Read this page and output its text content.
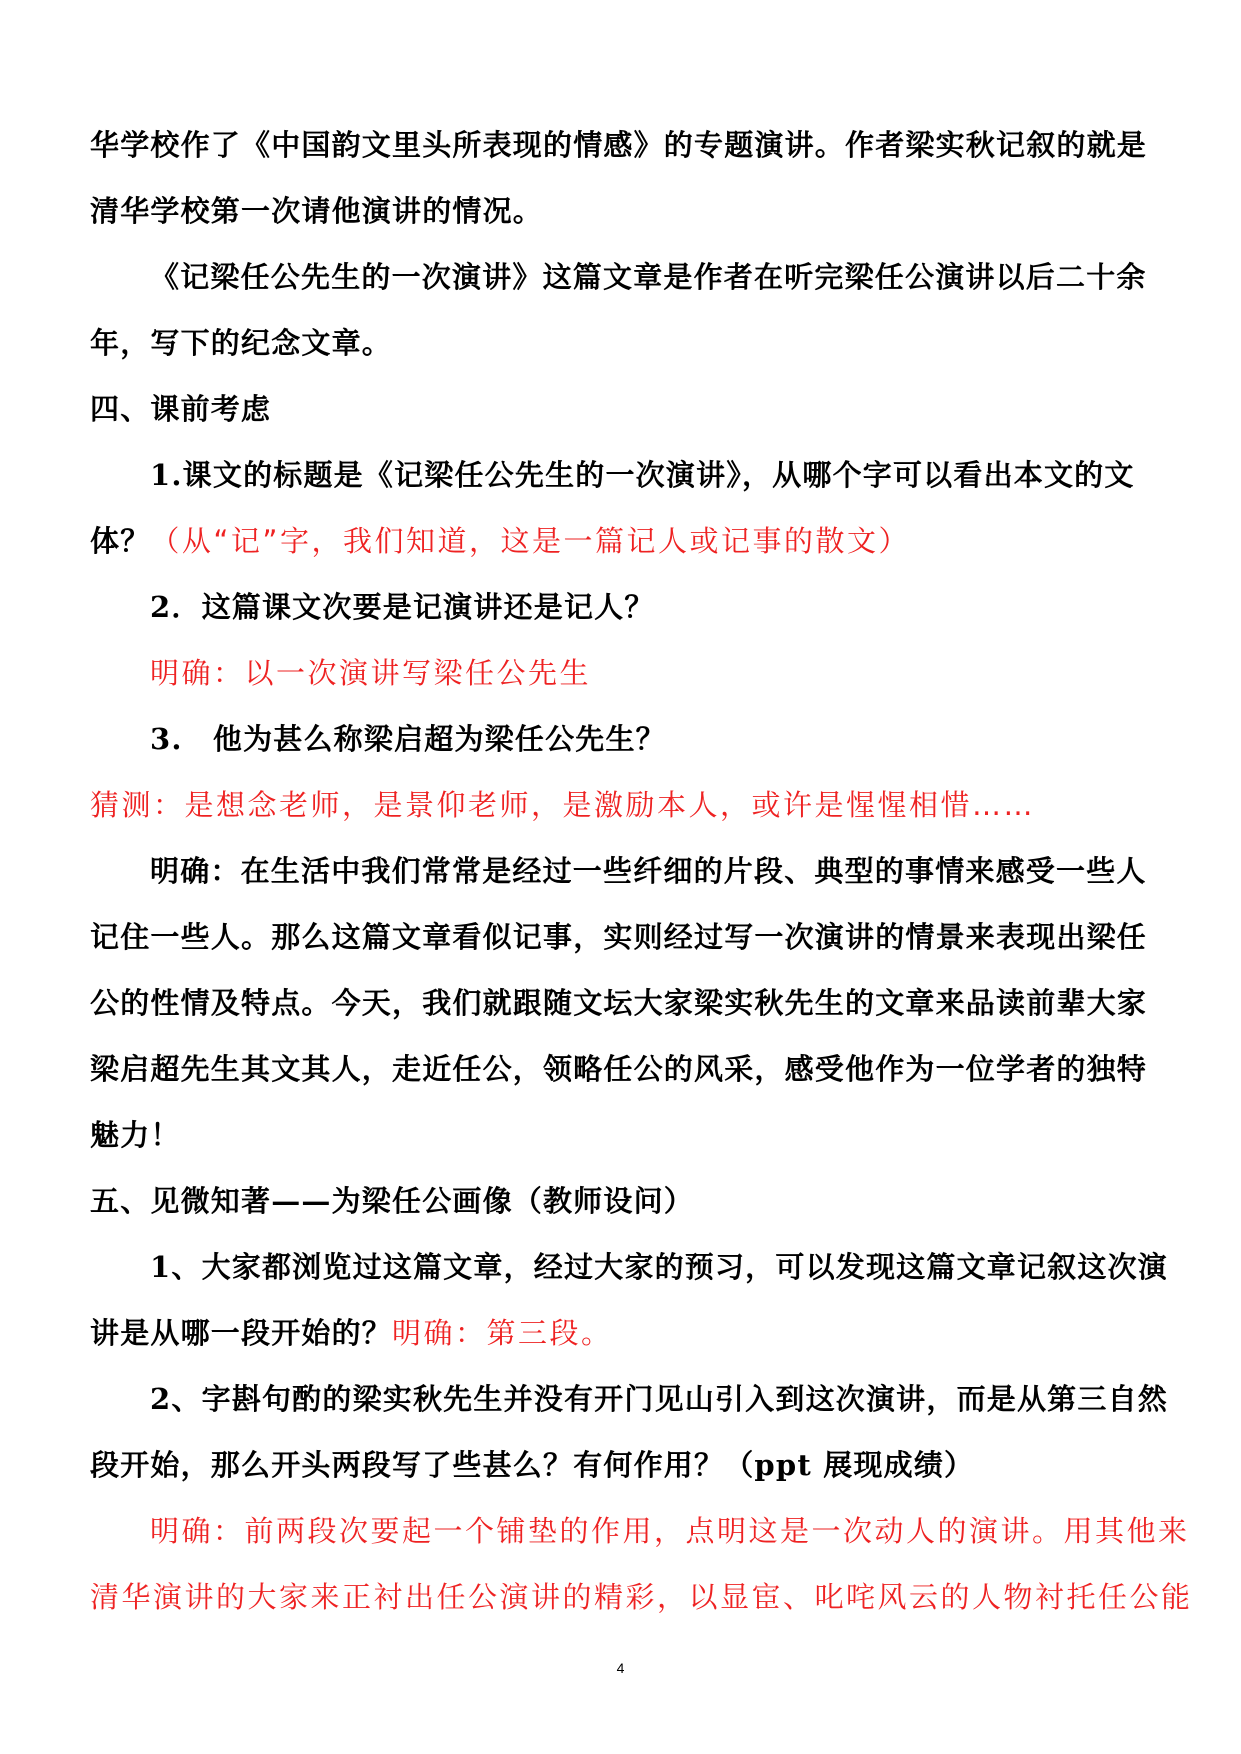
华学校作了《中国韵文里头所表现的情感》的专题演讲。作者梁实秋记叙的就是
清华学校第一次请他演讲的情况。
《记梁任公先生的一次演讲》这篇文章是作者在听完梁任公演讲以后二十余
年，写下的纪念文章。
四、课前考虑
1.课文的标题是《记梁任公先生的一次演讲》，从哪个字可以看出本文的文
体？（从“记”字，我们知道，这是一篇记人或记事的散文）
2．这篇课文次要是记演讲还是记人？
明确：以一次演讲写梁任公先生
3.　他为甚么称梁启超为梁任公先生？
猜测：是想念老师，是景仰老师，是激励本人，或许是惺惺相惜……
明确：在生活中我们常常是经过一些纤细的片段、典型的事情来感受一些人
记住一些人。那么这篇文章看似记事，实则经过写一次演讲的情景来表现出梁任
公的性情及特点。今天，我们就跟随文坛大家梁实秋先生的文章来品读前辈大家
梁启超先生其文其人，走近任公，领略任公的风采，感受他作为一位学者的独特
魅力！
五、见微知著——为梁任公画像（教师设问）
1、大家都浏览过这篇文章，经过大家的预习，可以发现这篇文章记叙这次演
讲是从哪一段开始的？明确：第三段。
2、字斟句酌的梁实秋先生并没有开门见山引入到这次演讲，而是从第三自然
段开始，那么开头两段写了些甚么？有何作用？（ppt 展现成绩）
明确：前两段次要起一个铺垫的作用，点明这是一次动人的演讲。用其他来
清华演讲的大家来正衬出任公演讲的精彩，以显宦、叱咤风云的人物衬托任公能
4
